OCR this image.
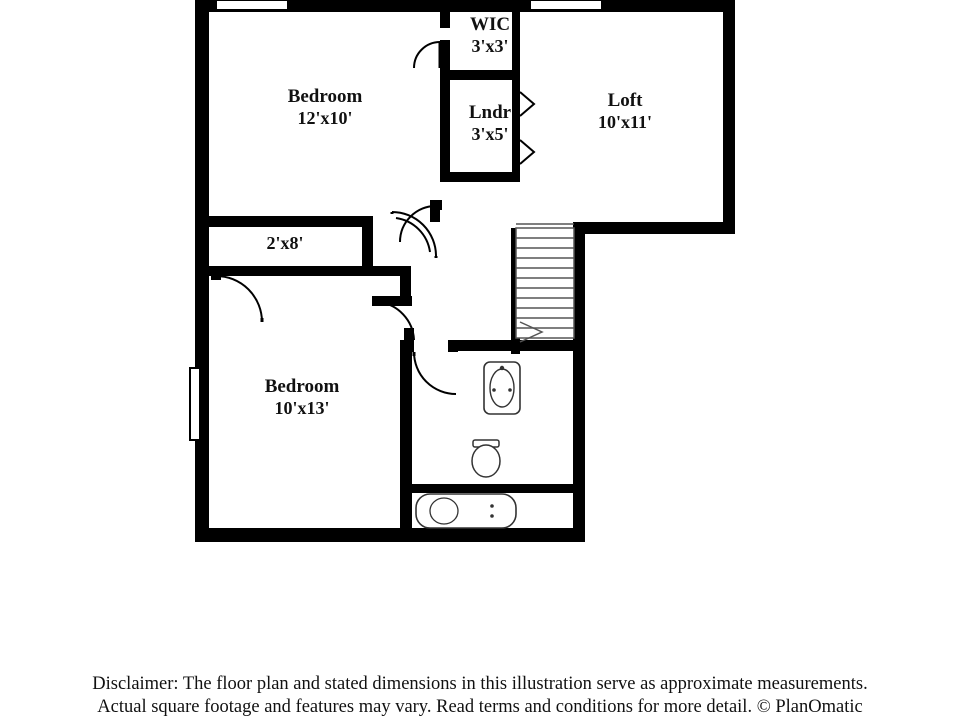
Bedroom
12'x10'
Loft
10'x11'
WIC
3'x3'
Lndr
3'x5'
2'x8'
Bedroom
10'x13'
Disclaimer: The floor plan and stated dimensions in this illustration serve as approximate measurements.
Actual square footage and features may vary. Read terms and conditions for more detail. © PlanOmatic
